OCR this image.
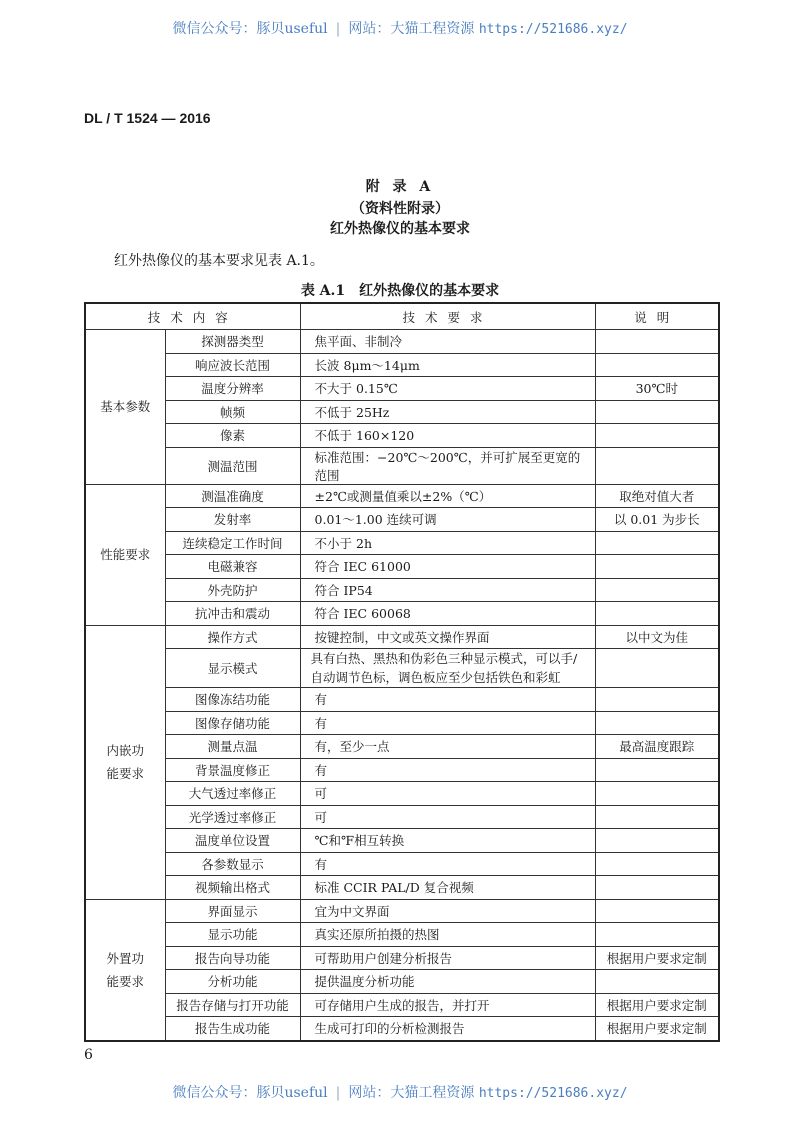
微信公众号：豚贝useful | 网站：大猫工程资源 https://521686.xyz/
DL / T 1524 — 2016
附 录 A
（资料性附录）
红外热像仪的基本要求
红外热像仪的基本要求见表 A.1。
表 A.1　红外热像仪的基本要求
技术内容		技术要求	说明
基本参数	探测器类型	焦平面、非制冷	
	响应波长范围	长波 8μm～14μm	
	温度分辨率	不大于 0.15℃	30℃时
	帧频	不低于 25Hz	
	像素	不低于 160×120	
	测温范围	标准范围：−20℃～200℃，并可扩展至更宽的范围	
性能要求	测温准确度	±2℃或测量值乘以±2%（℃）	取绝对值大者
	发射率	0.01～1.00 连续可调	以 0.01 为步长
	连续稳定工作时间	不小于 2h	
	电磁兼容	符合 IEC 61000	
	外壳防护	符合 IP54	
	抗冲击和震动	符合 IEC 60068	
内嵌功能要求	操作方式	按键控制，中文或英文操作界面	以中文为佳
	显示模式	具有白热、黑热和伪彩色三种显示模式，可以手/自动调节色标，调色板应至少包括铁色和彩虹	
	图像冻结功能	有	
	图像存储功能	有	
	测量点温	有，至少一点	最高温度跟踪
	背景温度修正	有	
	大气透过率修正	可	
	光学透过率修正	可	
	温度单位设置	℃和℉相互转换	
	各参数显示	有	
	视频输出格式	标准 CCIR PAL/D 复合视频	
外置功能要求	界面显示	宜为中文界面	
	显示功能	真实还原所拍摄的热图	
	报告向导功能	可帮助用户创建分析报告	根据用户要求定制
	分析功能	提供温度分析功能	
	报告存储与打开功能	可存储用户生成的报告，并打开	根据用户要求定制
	报告生成功能	生成可打印的分析检测报告	根据用户要求定制
6
微信公众号：豚贝useful | 网站：大猫工程资源 https://521686.xyz/
